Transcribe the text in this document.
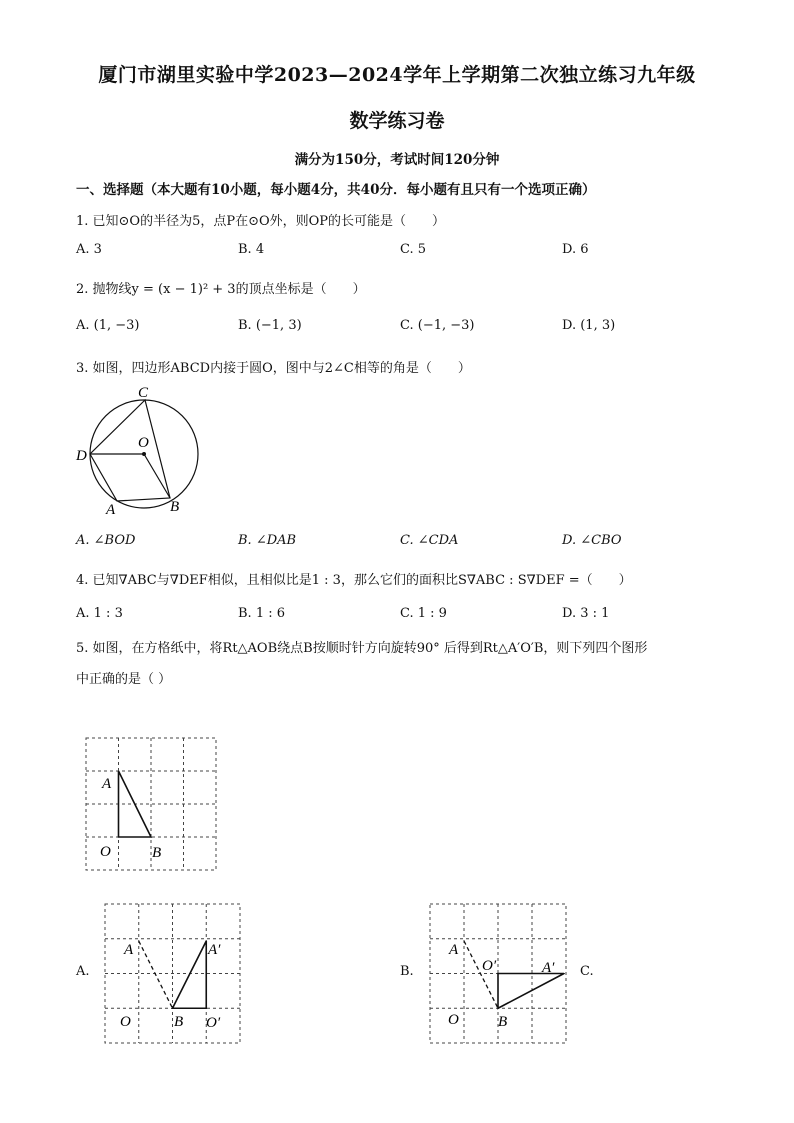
厦门市湖里实验中学2023—2024学年上学期第二次独立练习九年级
数学练习卷
满分为150分，考试时间120分钟
一、选择题（本大题有10小题，每小题4分，共40分．每小题有且只有一个选项正确）
1. 已知⊙O的半径为5，点P在⊙O外，则OP的长可能是（　　）
A. 3	B. 4	C. 5	D. 6
2. 抛物线y = (x − 1)² + 3的顶点坐标是（　　）
A. (1, −3)	B. (−1, 3)	C. (−1, −3)	D. (1, 3)
3. 如图，四边形ABCD内接于圆O，图中与2∠C相等的角是（　　）
C
O
D
A	B
A. ∠BOD	B. ∠DAB	C. ∠CDA	D. ∠CBO
4. 已知∇ABC与∇DEF相似，且相似比是1 : 3，那么它们的面积比S∇ABC : S∇DEF =（　　）
A. 1 : 3	B. 1 : 6	C. 1 : 9	D. 3 : 1
5. 如图，在方格纸中，将Rt△AOB绕点B按顺时针方向旋转90° 后得到Rt△A′O′B，则下列四个图形
中正确的是（ ）
A
O	B
A.
A	A′
O	B O′
B.
A
O′	A′
O	B
C.
